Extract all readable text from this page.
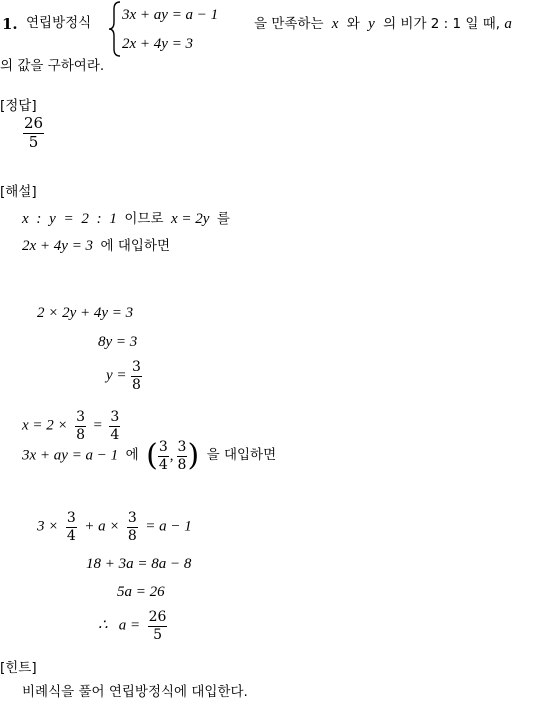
1. 연립방정식 3x + ay = a − 1
2x + 4y = 3
을 만족하는 x 와 y 의 비가 2 : 1 일 때, a
의 값을 구하여라.
[정답]
$\frac{26}{5}$
[해설]
x : y = 2 : 1 이므로 x = 2y 를
2x + 4y = 3 에 대입하면
2 × 2y + 4y = 3
8y = 3
$y = \frac{3}{8}$
$x = 2 \times \frac{3}{8} = \frac{3}{4}$
3x + ay = a − 1 에 ( $\frac{3}{4}$ , $\frac{3}{8}$ ) 을 대입하면
$3 \times \frac{3}{4} + a \times \frac{3}{8} = a - 1$
18 + 3a = 8a − 8
5a = 26
∴   $a = \frac{26}{5}$
[힌트]
비례식을 풀어 연립방정식에 대입한다.
